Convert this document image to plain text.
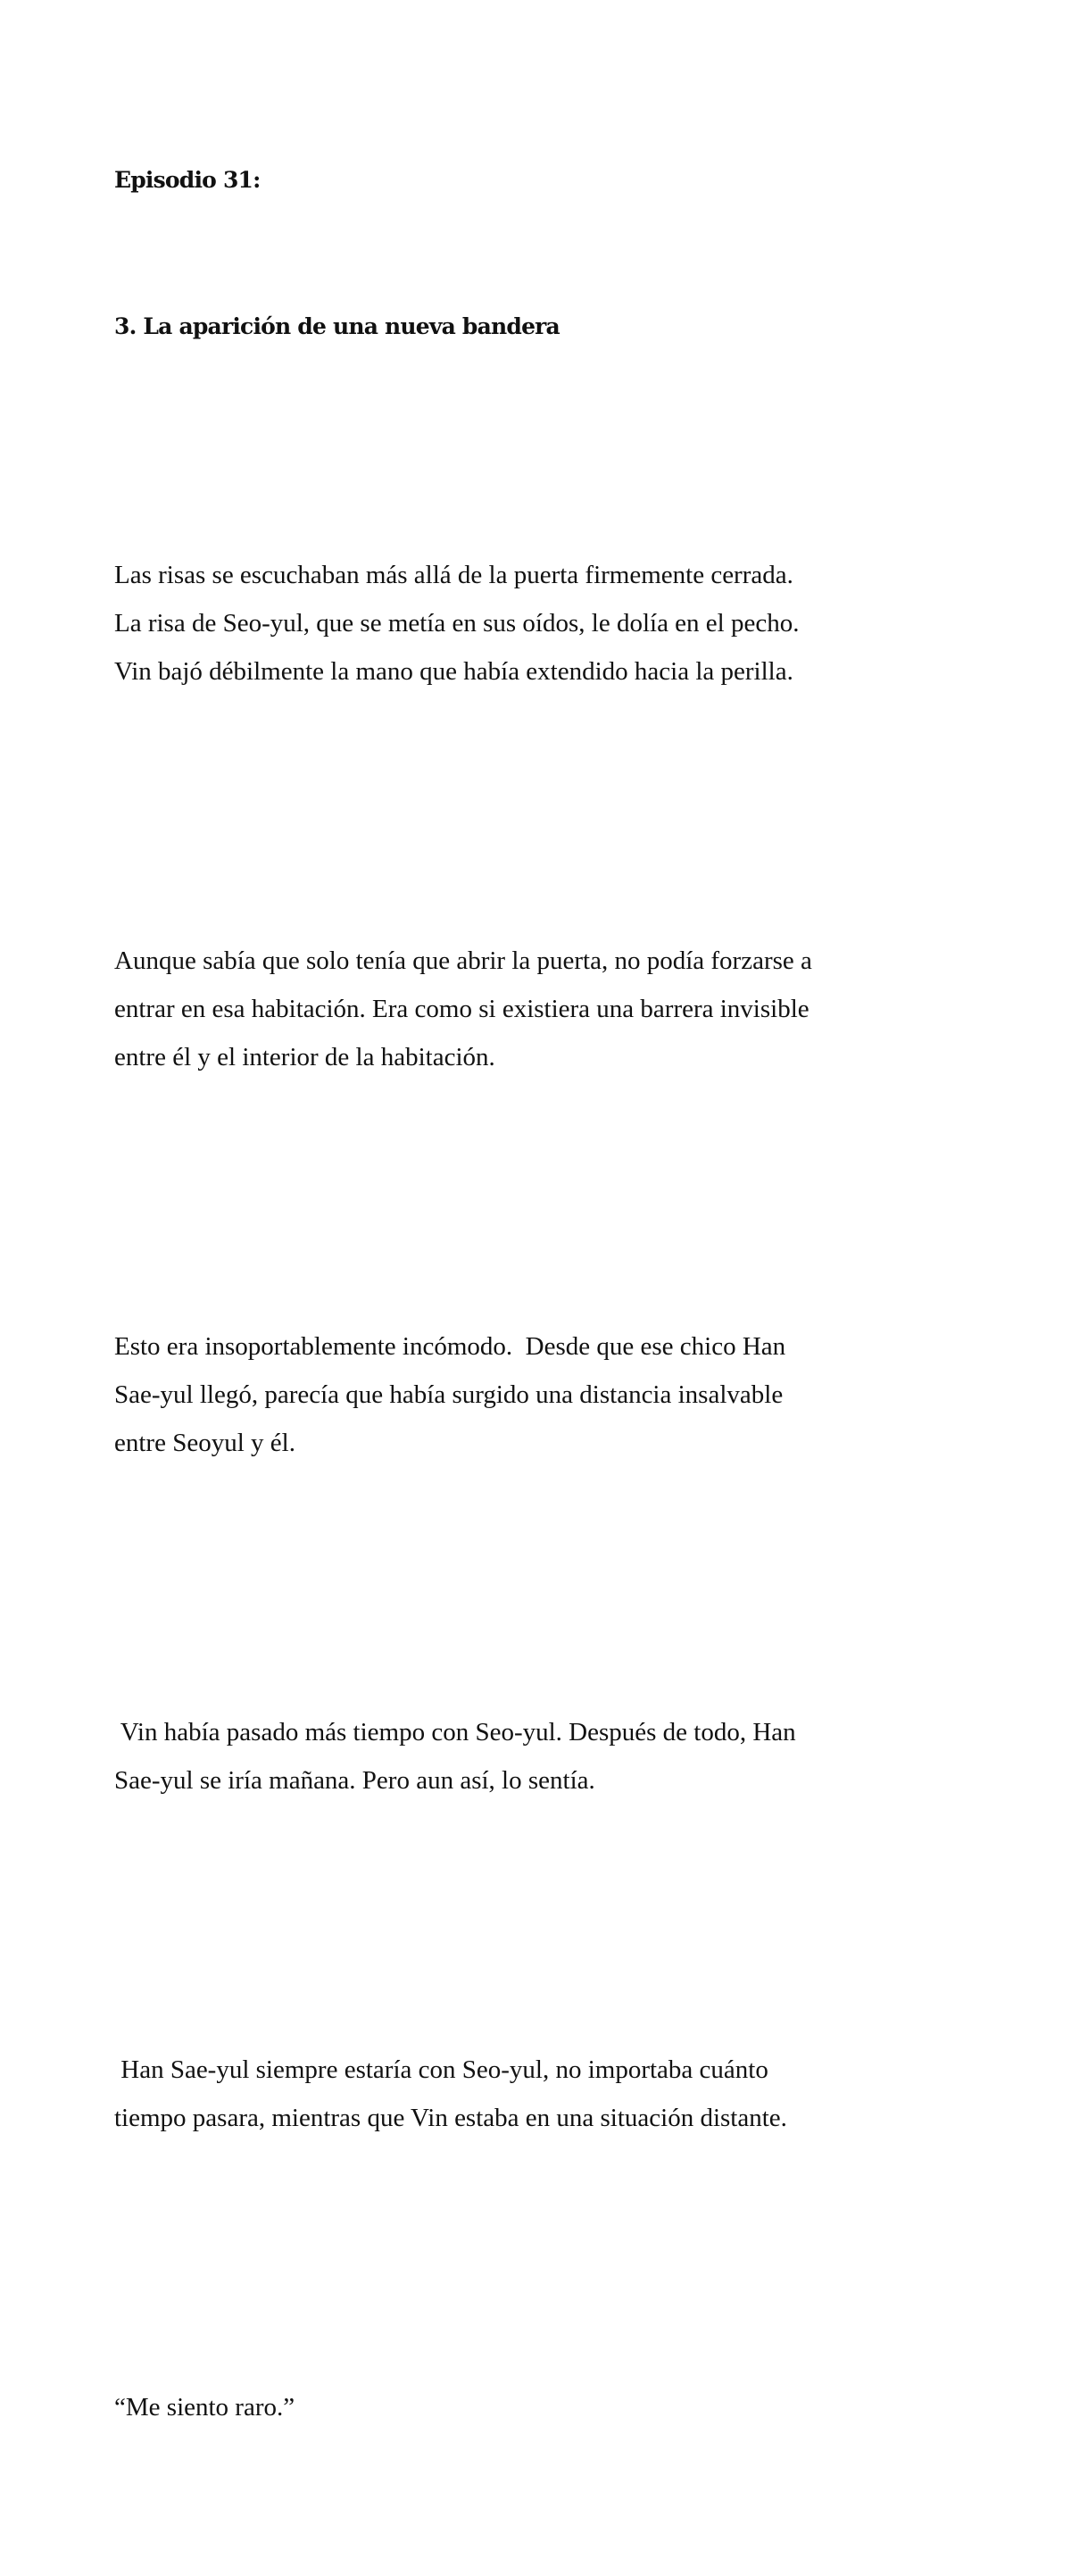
Episodio 31:
3. La aparición de una nueva bandera

Las risas se escuchaban más allá de la puerta firmemente cerrada.
La risa de Seo-yul, que se metía en sus oídos, le dolía en el pecho.
Vin bajó débilmente la mano que había extendido hacia la perilla.

Aunque sabía que solo tenía que abrir la puerta, no podía forzarse a
entrar en esa habitación. Era como si existiera una barrera invisible
entre él y el interior de la habitación.

Esto era insoportablemente incómodo.  Desde que ese chico Han
Sae-yul llegó, parecía que había surgido una distancia insalvable
entre Seoyul y él.

Vin había pasado más tiempo con Seo-yul. Después de todo, Han
Sae-yul se iría mañana. Pero aun así, lo sentía.

Han Sae-yul siempre estaría con Seo-yul, no importaba cuánto
tiempo pasara, mientras que Vin estaba en una situación distante.

“Me siento raro.”
